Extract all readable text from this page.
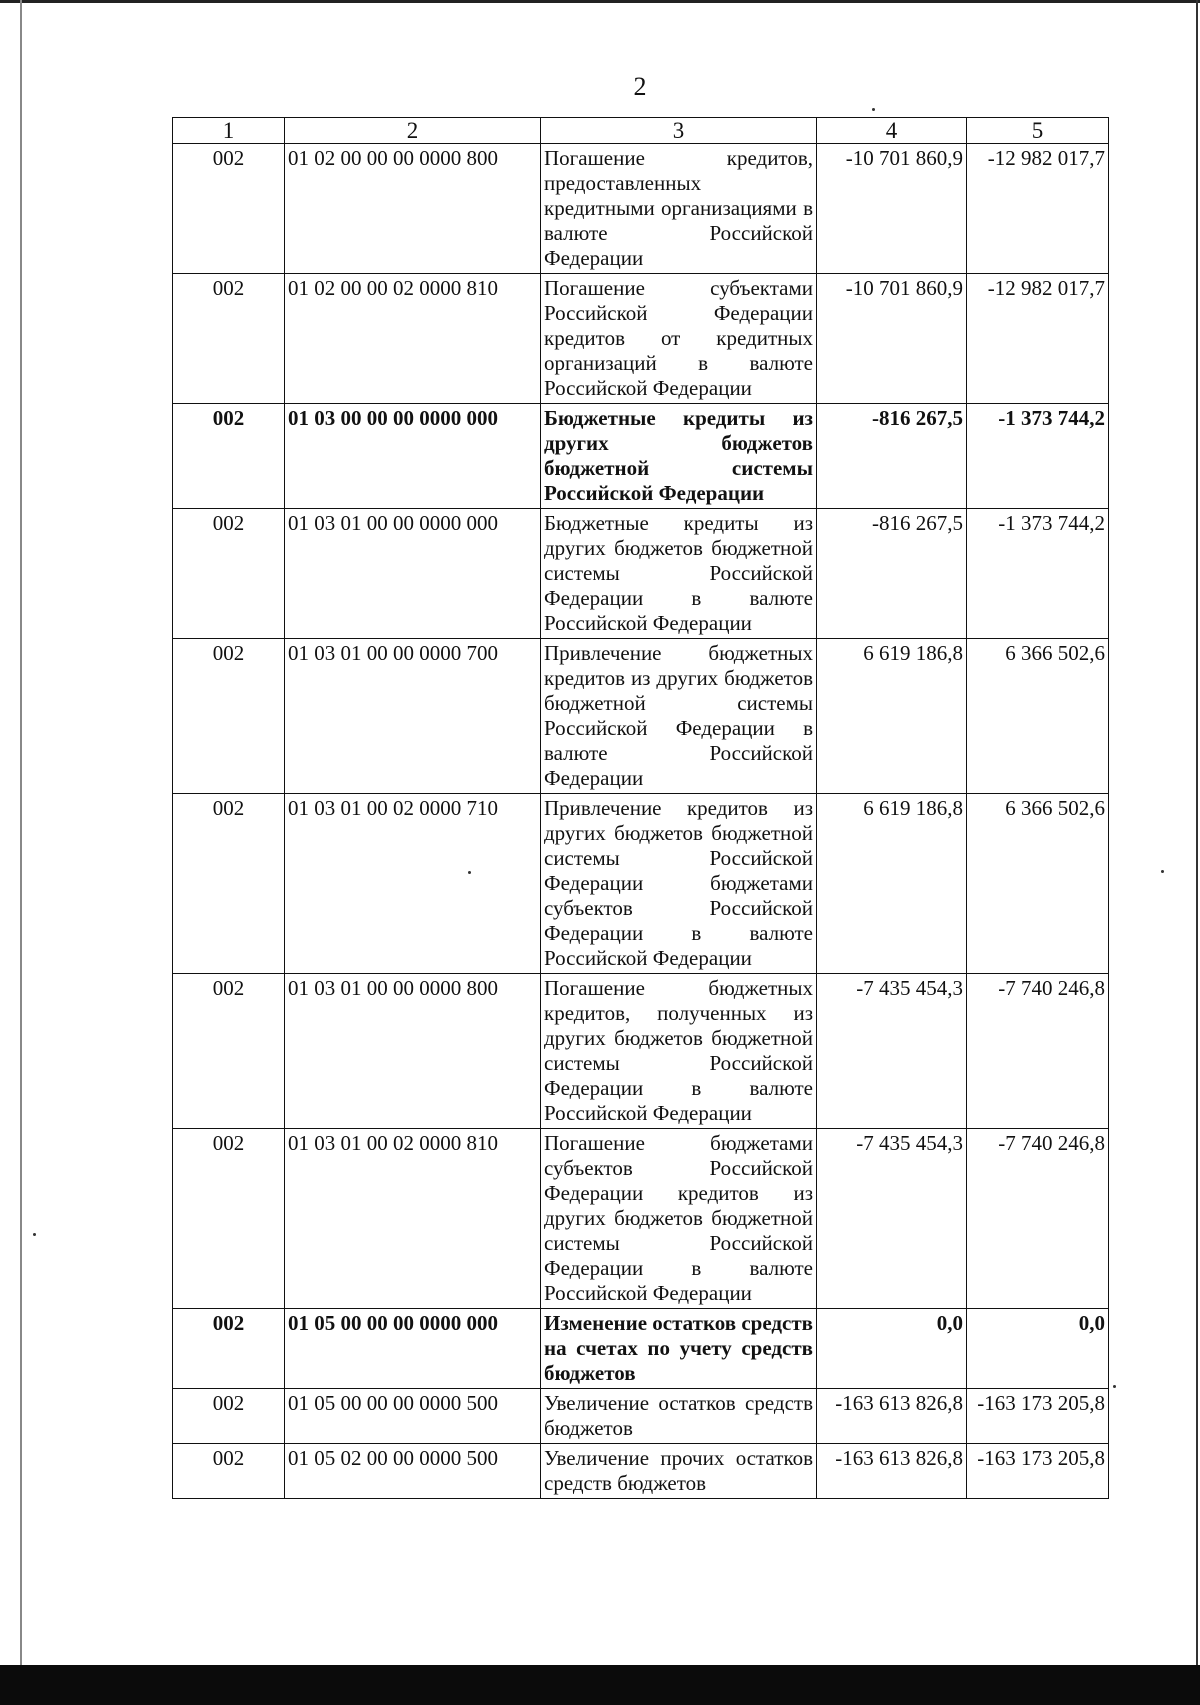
2
1	2	3	4	5
002	01 02 00 00 00 0000 800	Погашение кредитов, предоставленных кредитными организациями в валюте Российской Федерации	-10 701 860,9	-12 982 017,7
002	01 02 00 00 02 0000 810	Погашение субъектами Российской Федерации кредитов от кредитных организаций в валюте Российской Федерации	-10 701 860,9	-12 982 017,7
002	01 03 00 00 00 0000 000	Бюджетные кредиты из других бюджетов бюджетной системы Российской Федерации	-816 267,5	-1 373 744,2
002	01 03 01 00 00 0000 000	Бюджетные кредиты из других бюджетов бюджетной системы Российской Федерации в валюте Российской Федерации	-816 267,5	-1 373 744,2
002	01 03 01 00 00 0000 700	Привлечение бюджетных кредитов из других бюджетов бюджетной системы Российской Федерации в валюте Российской Федерации	6 619 186,8	6 366 502,6
002	01 03 01 00 02 0000 710	Привлечение кредитов из других бюджетов бюджетной системы Российской Федерации бюджетами субъектов Российской Федерации в валюте Российской Федерации	6 619 186,8	6 366 502,6
002	01 03 01 00 00 0000 800	Погашение бюджетных кредитов, полученных из других бюджетов бюджетной системы Российской Федерации в валюте Российской Федерации	-7 435 454,3	-7 740 246,8
002	01 03 01 00 02 0000 810	Погашение бюджетами субъектов Российской Федерации кредитов из других бюджетов бюджетной системы Российской Федерации в валюте Российской Федерации	-7 435 454,3	-7 740 246,8
002	01 05 00 00 00 0000 000	Изменение остатков средств на счетах по учету средств бюджетов	0,0	0,0
002	01 05 00 00 00 0000 500	Увеличение остатков средств бюджетов	-163 613 826,8	-163 173 205,8
002	01 05 02 00 00 0000 500	Увеличение прочих остатков средств бюджетов	-163 613 826,8	-163 173 205,8
